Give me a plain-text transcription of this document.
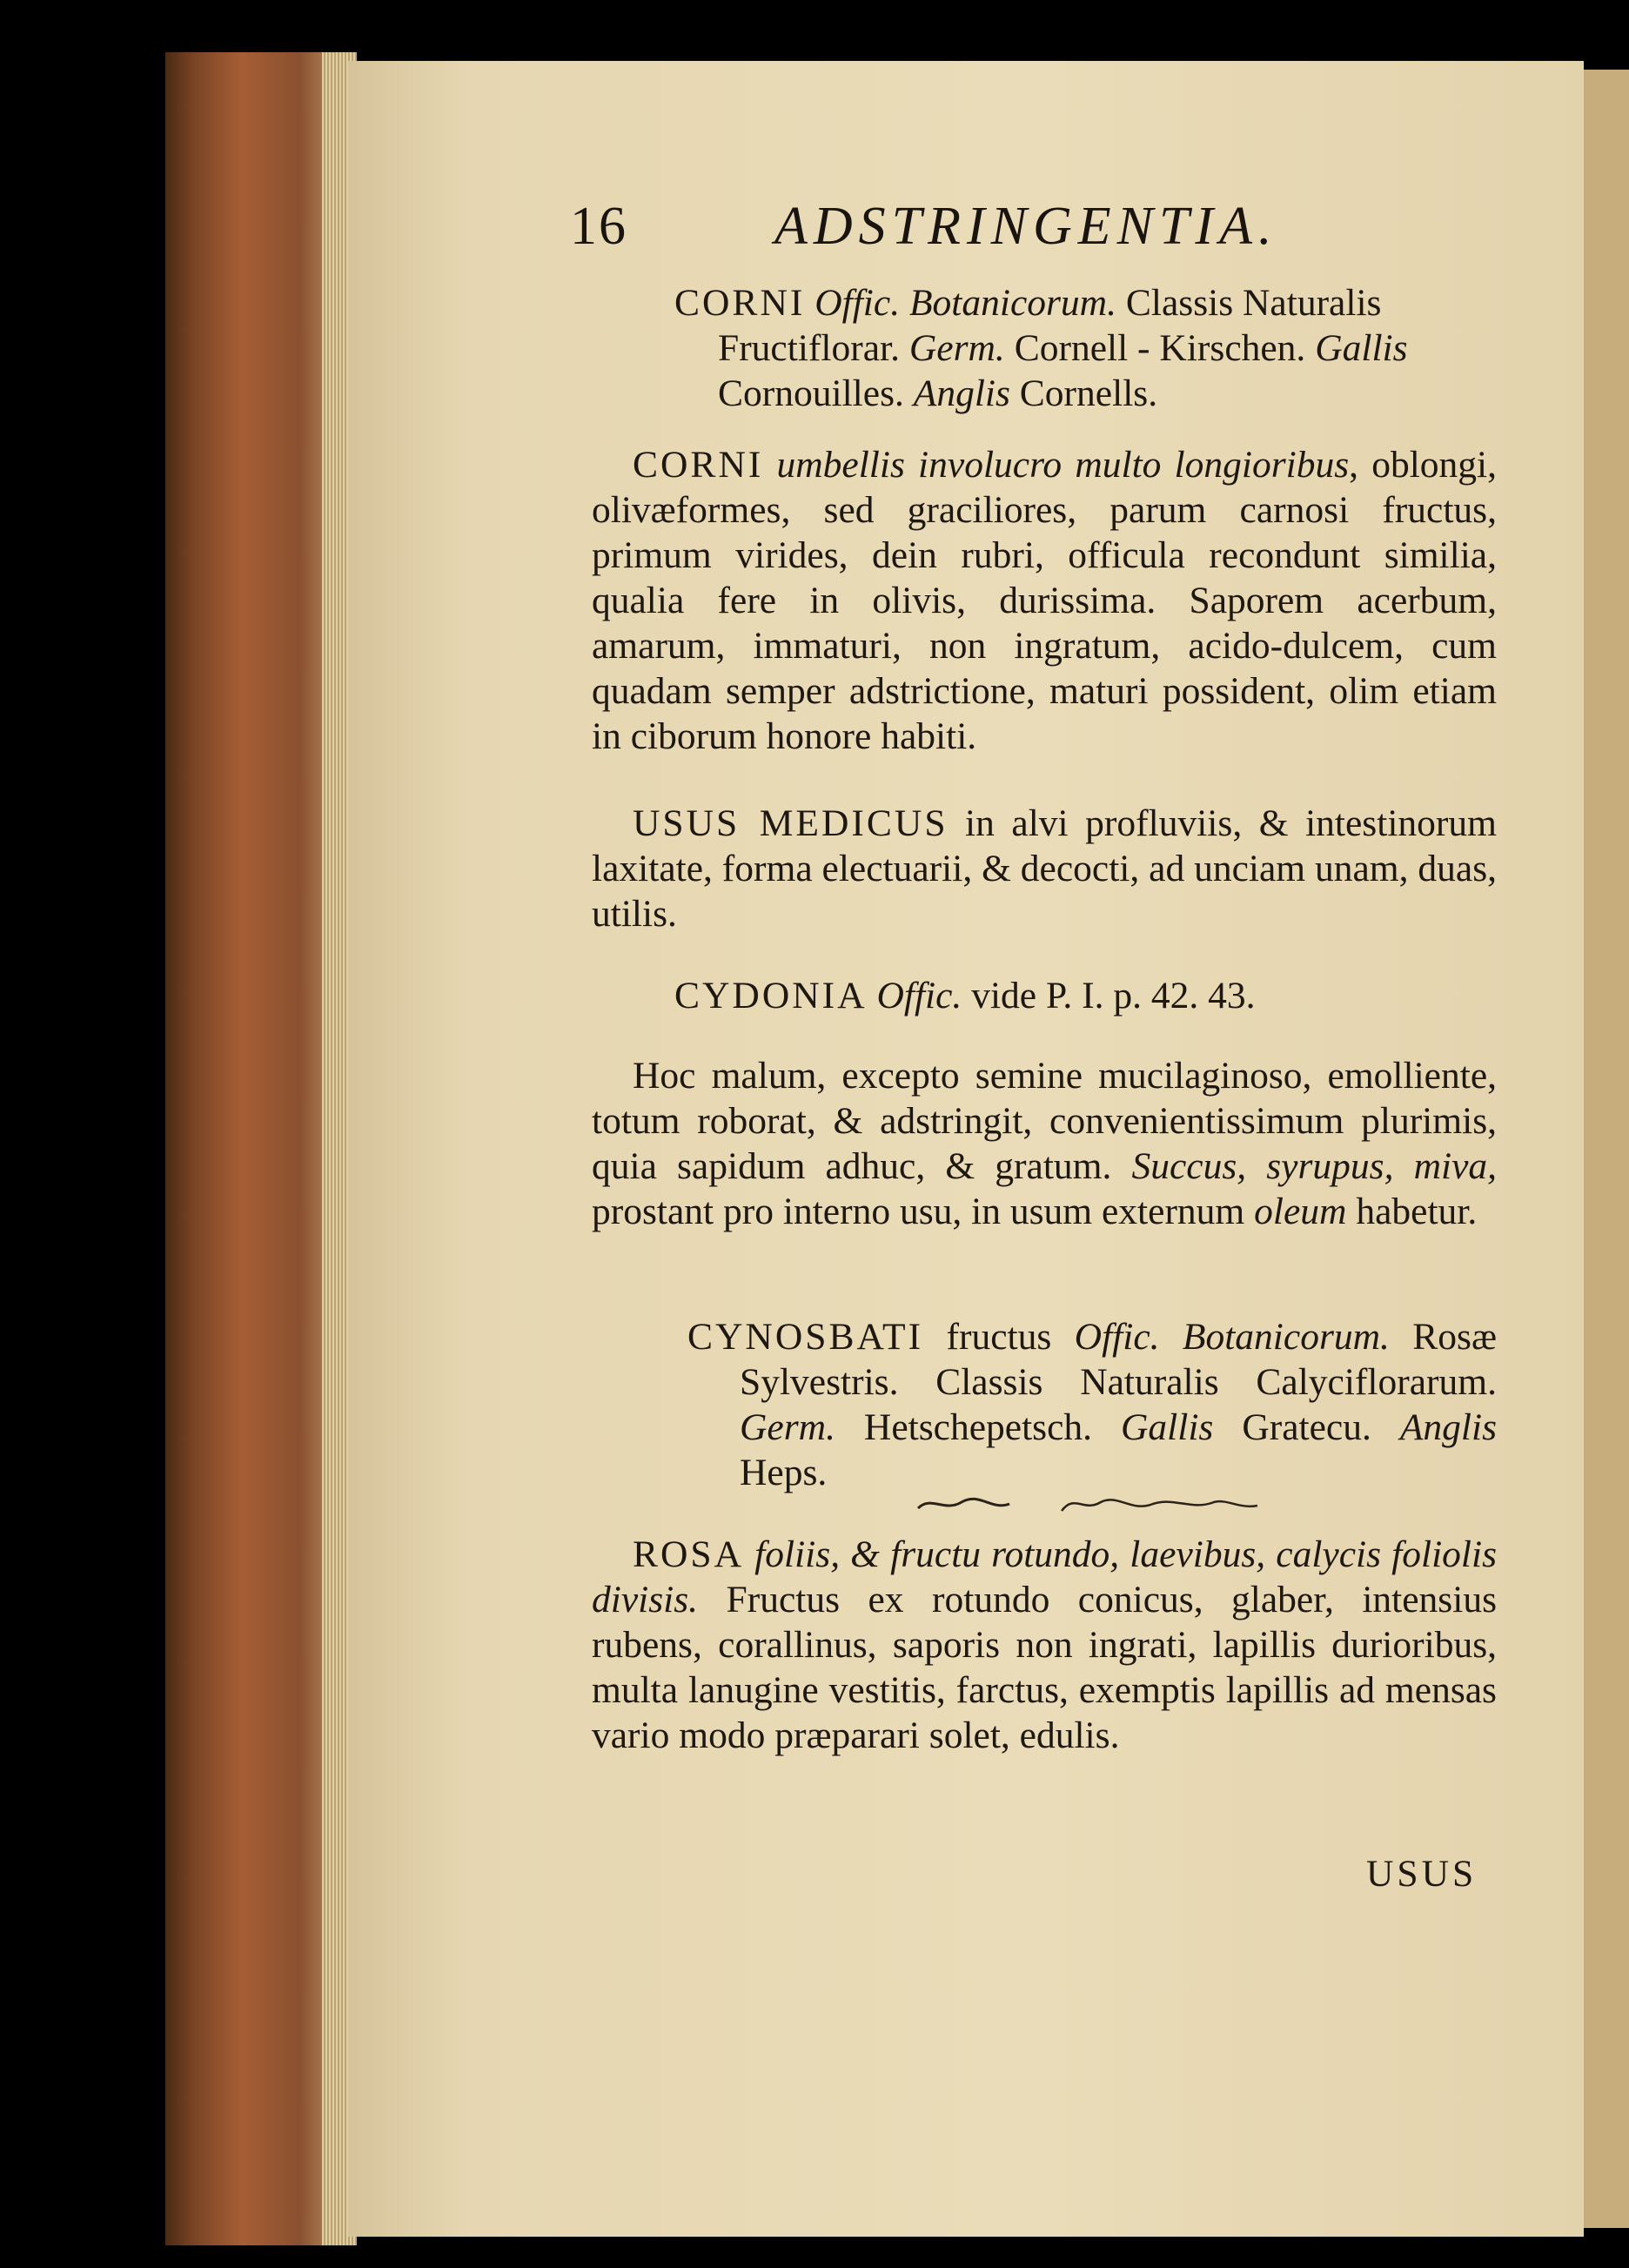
16	ADSTRINGENTIA.

CORNI Offic. Botanicorum. Classis Naturalis

Fructiflorar. Germ. Cornell - Kirschen. Gallis

Cornouilles. Anglis Cornells.

CORNI umbellis involucro multo longioribus, oblongi, olivæformes, sed graciliores, parum carnosi fructus, primum virides, dein rubri, officula recondunt similia, qualia fere in olivis, durissima. Saporem acerbum, amarum, immaturi, non ingratum, acido-dulcem, cum quadam semper adstrictione, maturi possident, olim etiam in ciborum honore habiti.

USUS MEDICUS in alvi profluviis, & intestinorum laxitate, forma electuarii, & decocti, ad unciam unam, duas, utilis.

CYDONIA Offic. vide P. I. p. 42. 43.

Hoc malum, excepto semine mucilaginoso, emolliente, totum roborat, & adstringit, convenientissimum plurimis, quia sapidum adhuc, & gratum. Succus, syrupus, miva, prostant pro interno usu, in usum externum oleum habetur.

CYNOSBATI fructus Offic. Botanicorum. Rosæ Sylvestris. Classis Naturalis Calyciflorarum. Germ. Hetschepetsch. Gallis Gratecu. Anglis Heps.

ROSA foliis, & fructu rotundo, laevibus, calycis foliolis divisis. Fructus ex rotundo conicus, glaber, intensius rubens, corallinus, saporis non ingrati, lapillis durioribus, multa lanugine vestitis, farctus, exemptis lapillis ad mensas vario modo præparari solet, edulis.

USUS
